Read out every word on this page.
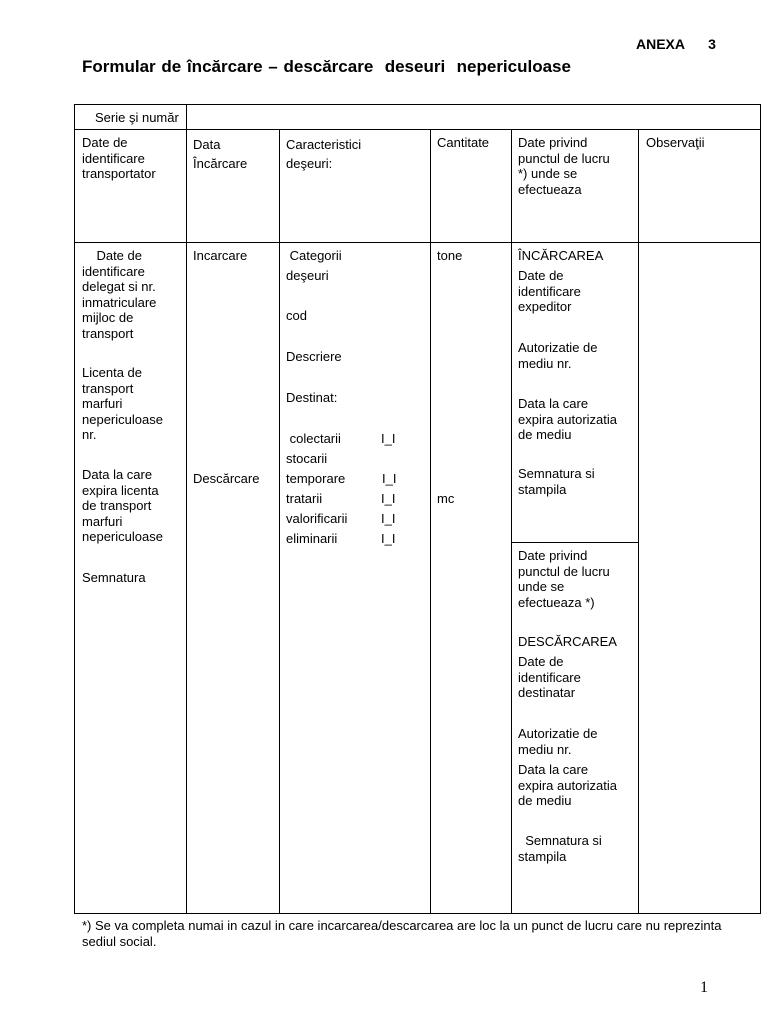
ANEXA   3
Formular de încărcare – descărcare  deseuri  nepericuloase
Serie şi număr
Date de
identificare
transportator
Data
Încărcare
Caracteristici
deşeuri:
Cantitate Date privind
punctul de lucru
*) unde se
efectueaza
Observaţii
Date de
identificare
delegat si nr.
inmatriculare
mijloc de
transport
Licenta de
transport
marfuri
nepericuloase
nr.
Data la care
expira licenta
de transport
marfuri
nepericuloase
Semnatura
Incarcare
Descărcare
Categorii
deşeuri
cod
Descriere
Destinat:
colectarii
stocarii
temporare
tratarii
valorificarii
eliminarii
I_I
I_I
I_I
I_I
I_I
tone
mc
ÎNCĂRCAREA
Date de
identificare
expeditor
Autorizatie de
mediu nr.
Data la care
expira autorizatia
de mediu
Semnatura si
stampila
Date privind
punctul de lucru
unde se
efectueaza *)
DESCĂRCAREA
Date de
identificare
destinatar
Autorizatie de
mediu nr.
Data la care
expira autorizatia
de mediu
Semnatura si
stampila
*) Se va completa numai in cazul in care incarcarea/descarcarea are loc la un punct de lucru care nu reprezinta sediul social.
1
